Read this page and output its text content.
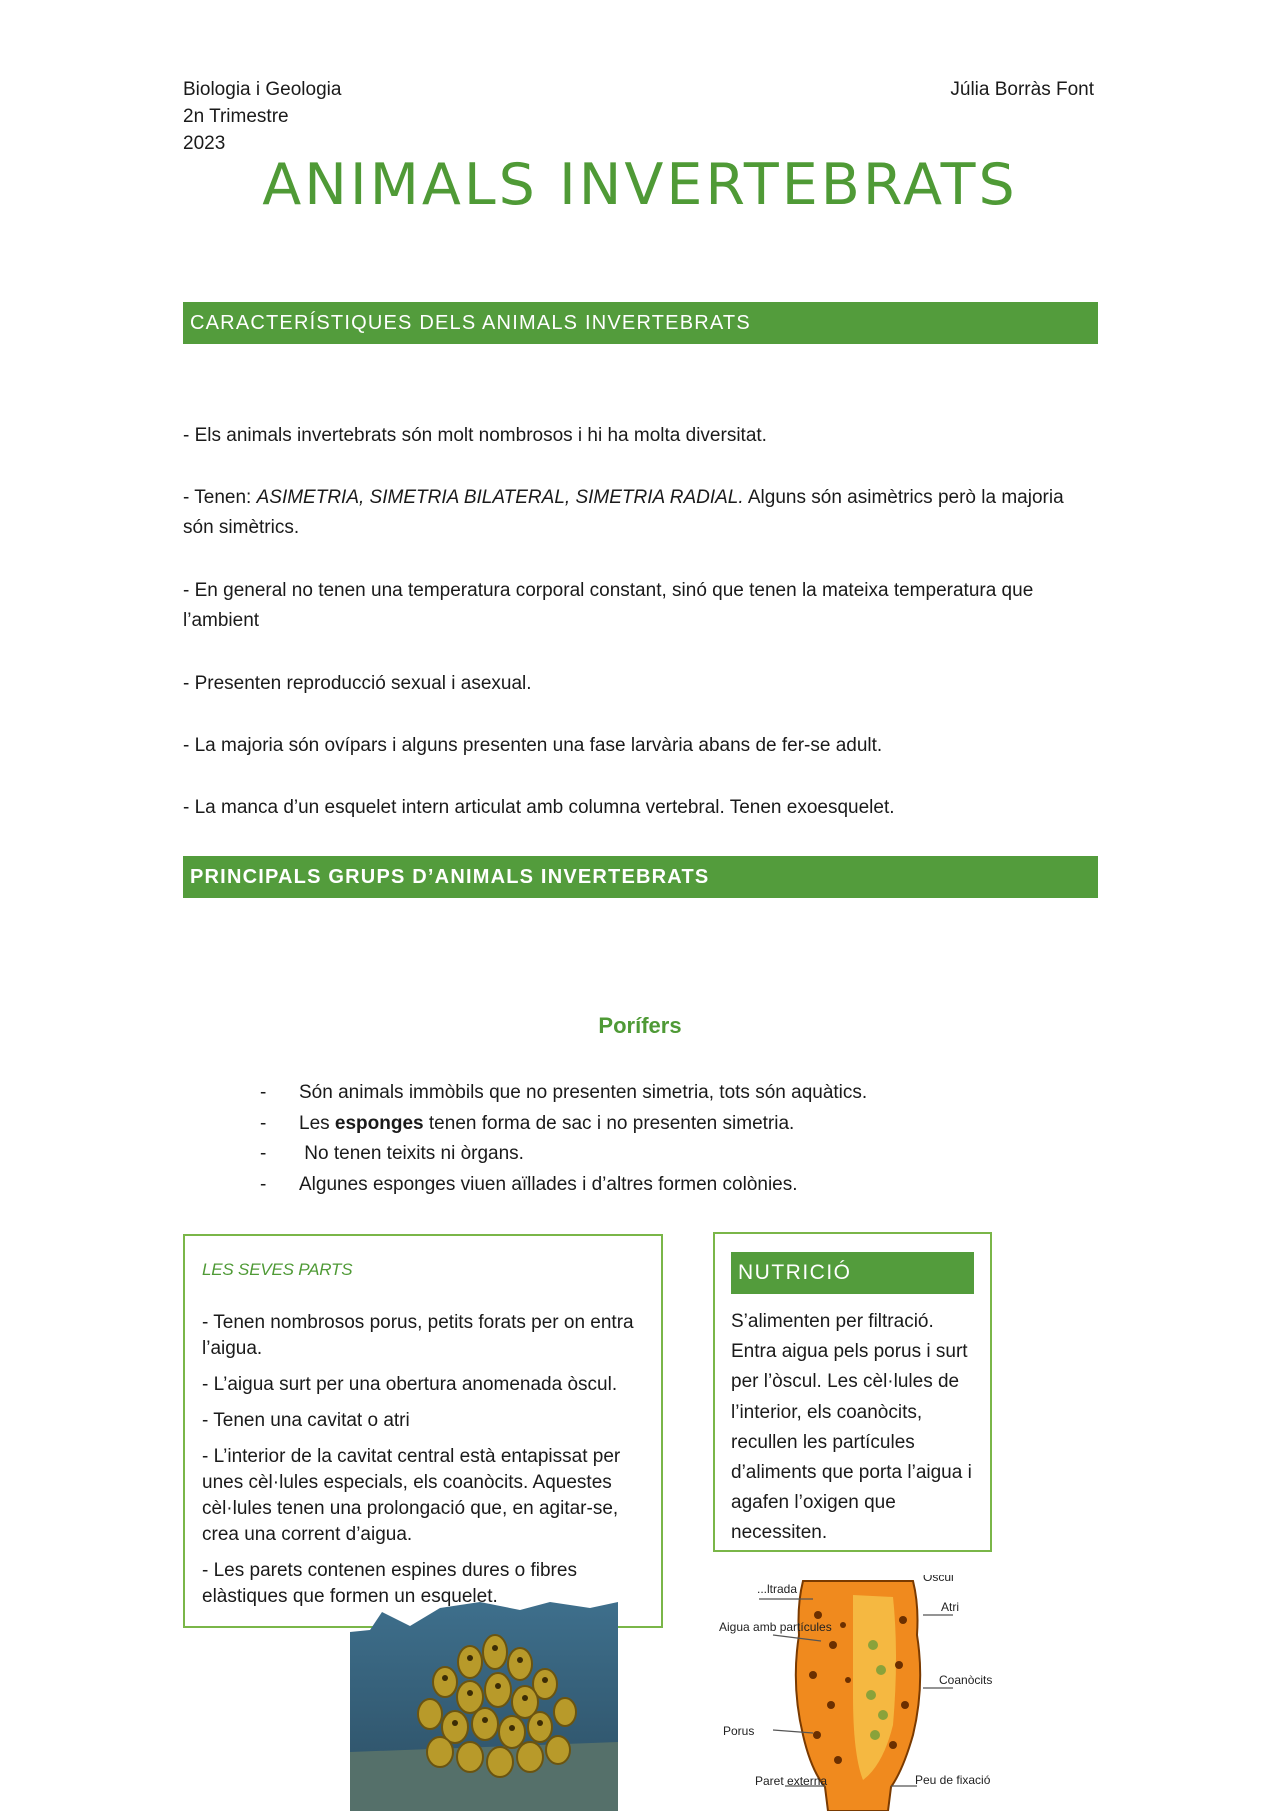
Biologia i Geologia
2n Trimestre
2023
Júlia Borràs Font
ANIMALS INVERTEBRATS
CARACTERÍSTIQUES DELS ANIMALS INVERTEBRATS
- Els animals invertebrats són molt nombrosos i hi ha molta diversitat.
- Tenen: ASIMETRIA, SIMETRIA BILATERAL, SIMETRIA RADIAL. Alguns són asimètrics però la majoria són simètrics.
- En general no tenen una temperatura corporal constant, sinó que tenen la mateixa temperatura que l’ambient
- Presenten reproducció sexual i asexual.
- La majoria són ovípars i alguns presenten una fase larvària abans de fer-se adult.
- La manca d’un esquelet intern articulat amb columna vertebral. Tenen exoesquelet.
PRINCIPALS GRUPS D’ANIMALS INVERTEBRATS
Porífers
-	Són animals immòbils que no presenten simetria, tots són aquàtics.
-	Les esponges tenen forma de sac i no presenten simetria.
-	No tenen teixits ni òrgans.
-	Algunes esponges viuen aïllades i d’altres formen colònies.
LES SEVES PARTS

- Tenen nombrosos porus, petits forats per on entra l’aigua.

- L’aigua surt per una obertura anomenada òscul.

- Tenen una cavitat o atri

- L’interior de la cavitat central està entapissat per unes cèl·lules especials, els coanòcits. Aquestes cèl·lules tenen una prolongació que, en agitar-se, crea una corrent d’aigua.

- Les parets contenen espines dures o fibres elàstiques que formen un esquelet.

NUTRICIÓ
S’alimenten per filtració. Entra aigua pels porus i surt per l’òscul. Les cèl·lules de l’interior, els coanòcits, recullen les partícules d’aliments que porta l’aigua i agafen l’oxigen que necessiten.
...ltrada
Aigua amb partícules
Porus
Atri
Coanòcits
Paret externa	Peu de fixació
Òscul
